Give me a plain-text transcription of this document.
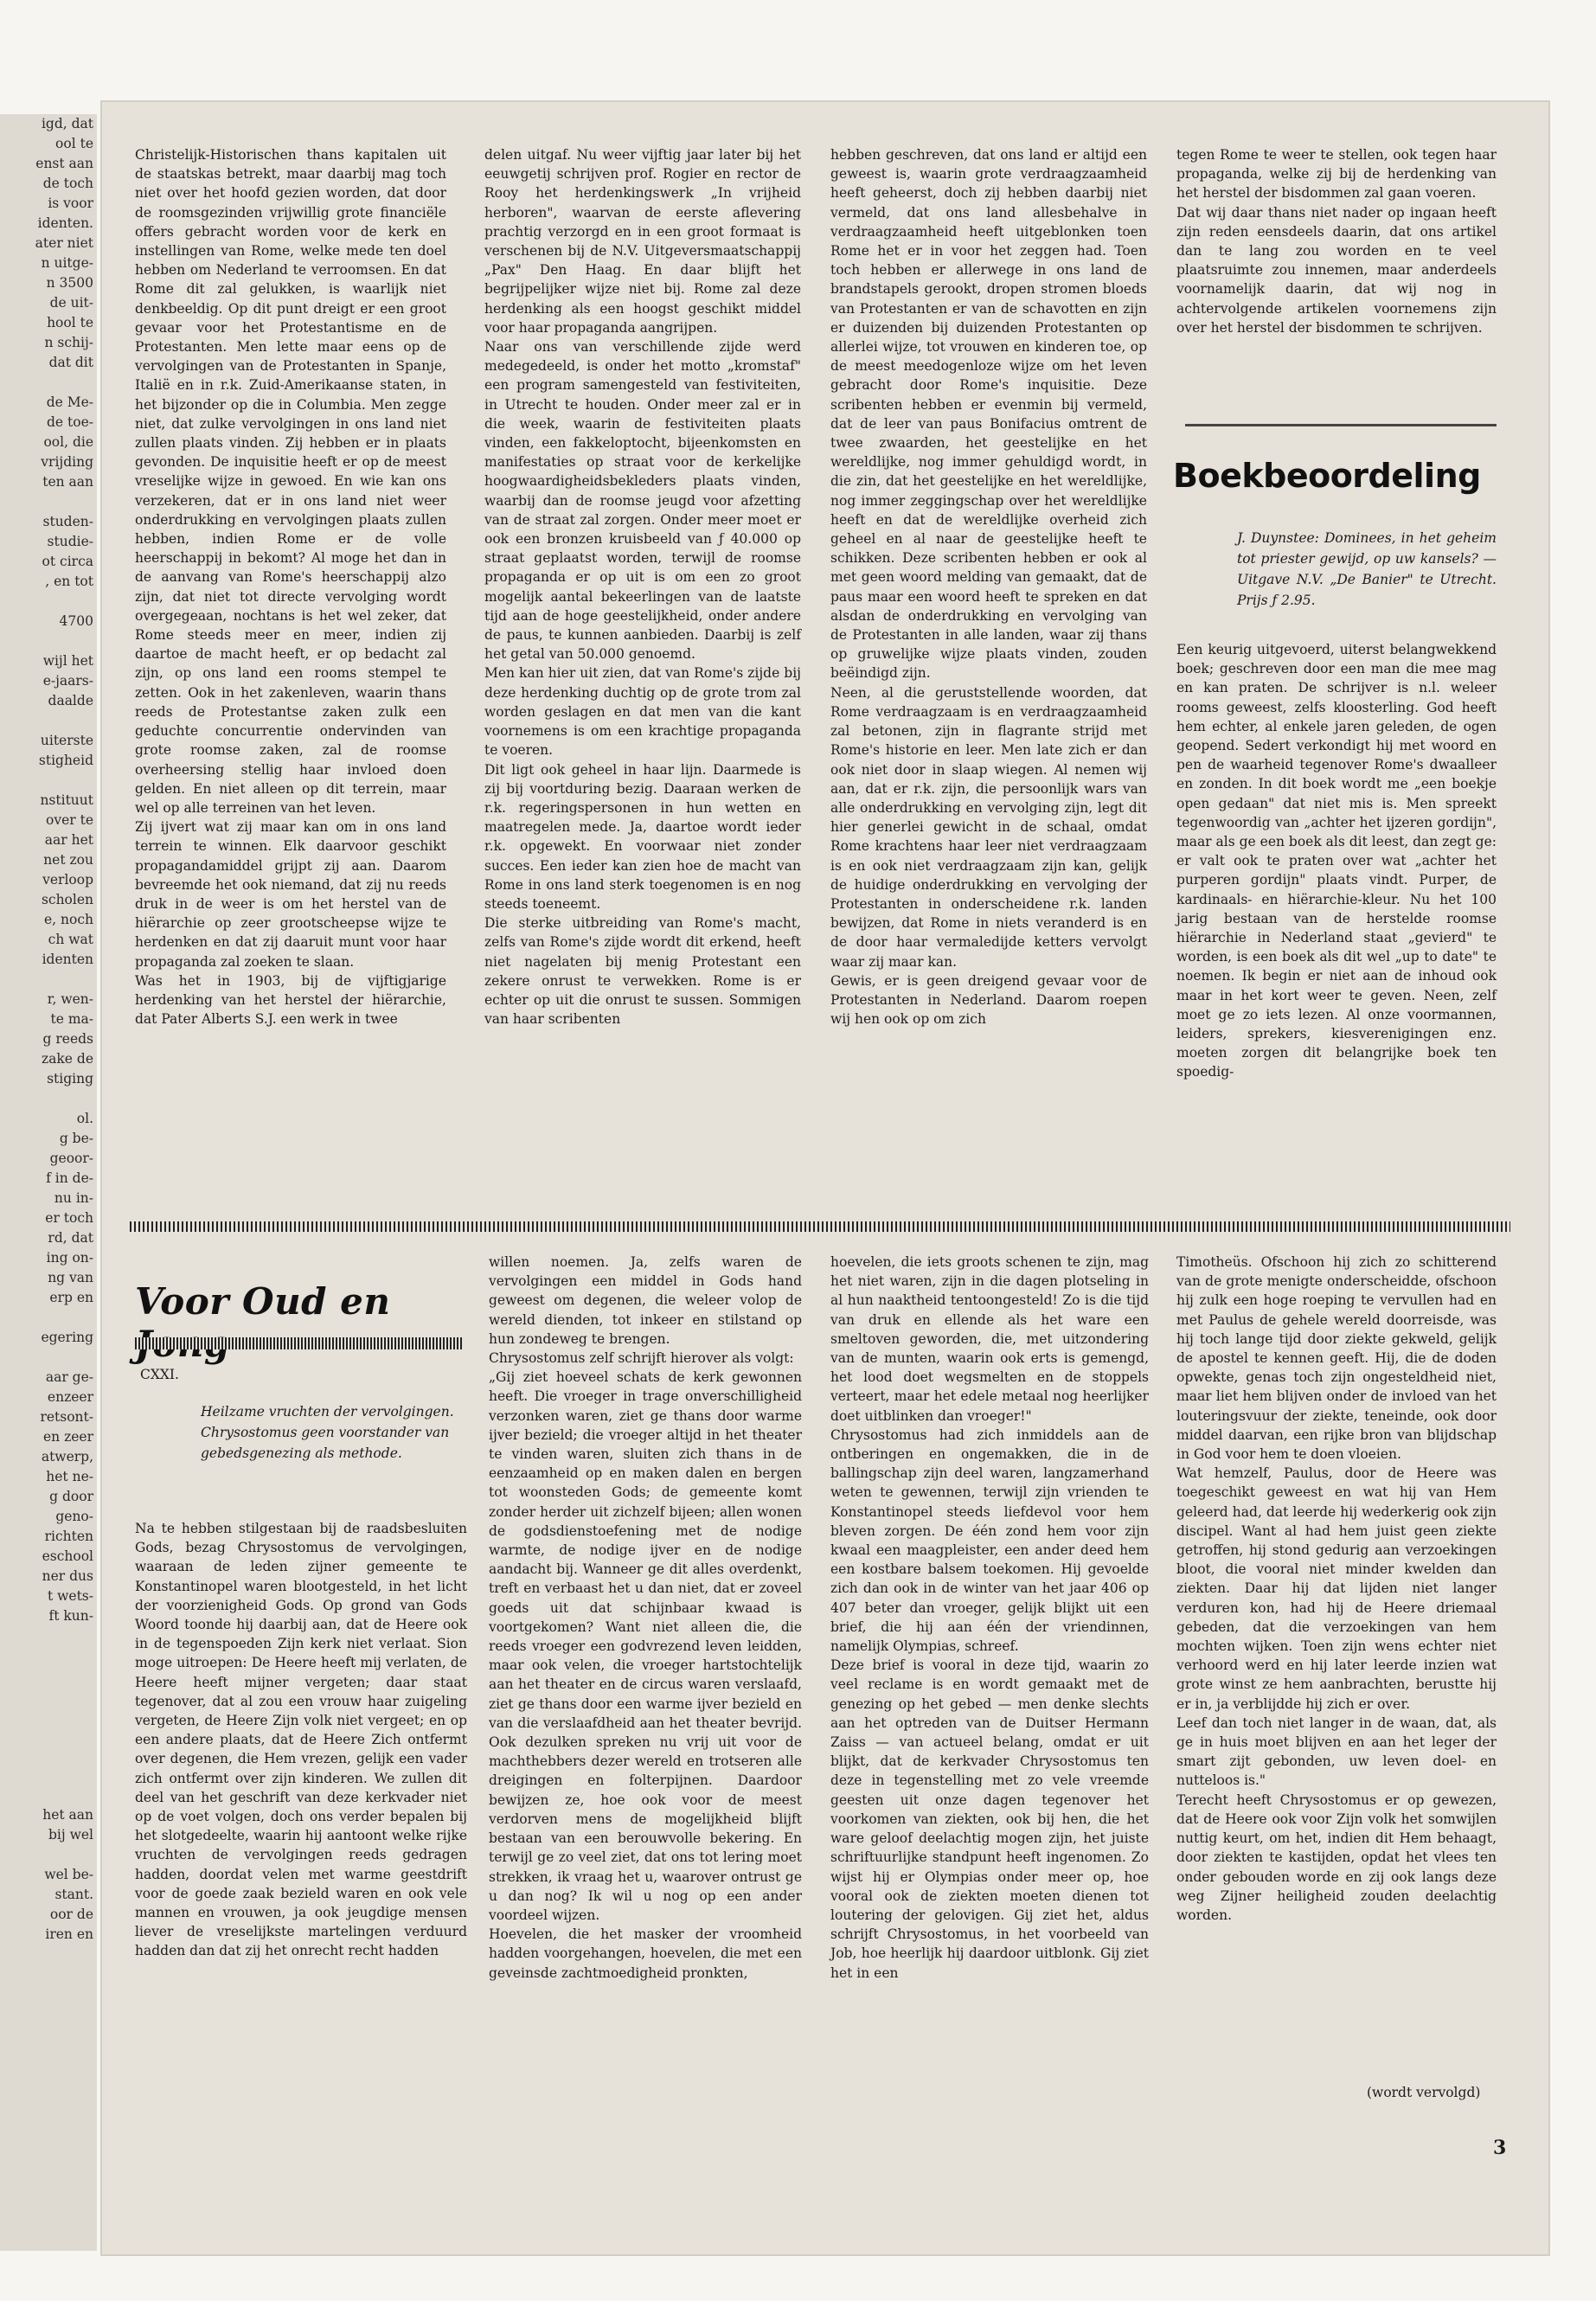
igd, dat
ool te
enst aan
de toch
is voor
identen.
ater niet
n uitge-
n 3500
de uit-
hool te
n schij-
dat dit

de Me-
de toe-
ool, die
vrijding
ten aan

studen-
studie-
ot circa
, en tot

4700

wijl het
e-jaars-
daalde

uiterste
stigheid

nstituut
over te
aar het
net zou
verloop
scholen
e, noch
ch wat
identen

r, wen-
te ma-
g reeds
zake de
stiging

ol.
g be-
geoor-
f in de-
nu in-
er toch
rd, dat
ing on-
ng van
erp en

egering

aar ge-
enzeer
retsont-
en zeer
atwerp,
het ne-
g door
geno-
richten
eschool
ner dus
t wets-
ft kun-

het aan
bij wel

wel be-
stant.
oor de
iren en

Christelijk-Historischen thans kapitalen uit de staatskas betrekt, maar daarbij mag toch niet over het hoofd gezien worden, dat door de roomsgezinden vrijwillig grote financiële offers gebracht worden voor de kerk en instellingen van Rome, welke mede ten doel hebben om Nederland te verroomsen. En dat Rome dit zal gelukken, is waarlijk niet denkbeeldig. Op dit punt dreigt er een groot gevaar voor het Protestantisme en de Protestanten. Men lette maar eens op de vervolgingen van de Protestanten in Spanje, Italië en in r.k. Zuid-Amerikaanse staten, in het bijzonder op die in Columbia. Men zegge niet, dat zulke vervolgingen in ons land niet zullen plaats vinden. Zij hebben er in plaats gevonden. De inquisitie heeft er op de meest vreselijke wijze in gewoed. En wie kan ons verzekeren, dat er in ons land niet weer onderdrukking en vervolgingen plaats zullen hebben, indien Rome er de volle heerschappij in bekomt? Al moge het dan in de aanvang van Rome's heerschappij alzo zijn, dat niet tot directe vervolging wordt overgegeaan, nochtans is het wel zeker, dat Rome steeds meer en meer, indien zij daartoe de macht heeft, er op bedacht zal zijn, op ons land een rooms stempel te zetten. Ook in het zakenleven, waarin thans reeds de Protestantse zaken zulk een geduchte concurrentie ondervinden van grote roomse zaken, zal de roomse overheersing stellig haar invloed doen gelden. En niet alleen op dit terrein, maar wel op alle terreinen van het leven.

Zij ijvert wat zij maar kan om in ons land terrein te winnen. Elk daarvoor geschikt propagandamiddel grijpt zij aan. Daarom bevreemde het ook niemand, dat zij nu reeds druk in de weer is om het herstel van de hiërarchie op zeer grootscheepse wijze te herdenken en dat zij daaruit munt voor haar propaganda zal zoeken te slaan.

Was het in 1903, bij de vijftigjarige herdenking van het herstel der hiërarchie, dat Pater Alberts S.J. een werk in twee

delen uitgaf. Nu weer vijftig jaar later bij het eeuwgetij schrijven prof. Rogier en rector de Rooy het herdenkingswerk „In vrijheid herboren", waarvan de eerste aflevering prachtig verzorgd en in een groot formaat is verschenen bij de N.V. Uitgeversmaatschappij „Pax" Den Haag. En daar blijft het begrijpelijker wijze niet bij. Rome zal deze herdenking als een hoogst geschikt middel voor haar propaganda aangrijpen.

Naar ons van verschillende zijde werd medegedeeld, is onder het motto „kromstaf" een program samengesteld van festiviteiten, in Utrecht te houden. Onder meer zal er in die week, waarin de festiviteiten plaats vinden, een fakkeloptocht, bijeenkomsten en manifestaties op straat voor de kerkelijke hoogwaardigheidsbekleders plaats vinden, waarbij dan de roomse jeugd voor afzetting van de straat zal zorgen. Onder meer moet er ook een bronzen kruisbeeld van ƒ 40.000 op straat geplaatst worden, terwijl de roomse propaganda er op uit is om een zo groot mogelijk aantal bekeerlingen van de laatste tijd aan de hoge geestelijkheid, onder andere de paus, te kunnen aanbieden. Daarbij is zelf het getal van 50.000 genoemd.

Men kan hier uit zien, dat van Rome's zijde bij deze herdenking duchtig op de grote trom zal worden geslagen en dat men van die kant voornemens is om een krachtige propaganda te voeren.

Dit ligt ook geheel in haar lijn. Daarmede is zij bij voortduring bezig. Daaraan werken de r.k. regeringspersonen in hun wetten en maatregelen mede. Ja, daartoe wordt ieder r.k. opgewekt. En voorwaar niet zonder succes. Een ieder kan zien hoe de macht van Rome in ons land sterk toegenomen is en nog steeds toeneemt.

Die sterke uitbreiding van Rome's macht, zelfs van Rome's zijde wordt dit erkend, heeft niet nagelaten bij menig Protestant een zekere onrust te verwekken. Rome is er echter op uit die onrust te sussen. Sommigen van haar scribenten

hebben geschreven, dat ons land er altijd een geweest is, waarin grote verdraagzaamheid heeft geheerst, doch zij hebben daarbij niet vermeld, dat ons land allesbehalve in verdraagzaamheid heeft uitgeblonken toen Rome het er in voor het zeggen had. Toen toch hebben er allerwege in ons land de brandstapels gerookt, dropen stromen bloeds van Protestanten er van de schavotten en zijn er duizenden bij duizenden Protestanten op allerlei wijze, tot vrouwen en kinderen toe, op de meest meedogenloze wijze om het leven gebracht door Rome's inquisitie. Deze scribenten hebben er evenmin bij vermeld, dat de leer van paus Bonifacius omtrent de twee zwaarden, het geestelijke en het wereldlijke, nog immer gehuldigd wordt, in die zin, dat het geestelijke en het wereldlijke, nog immer zeggingschap over het wereldlijke heeft en dat de wereldlijke overheid zich geheel en al naar de geestelijke heeft te schikken. Deze scribenten hebben er ook al met geen woord melding van gemaakt, dat de paus maar een woord heeft te spreken en dat alsdan de onderdrukking en vervolging van de Protestanten in alle landen, waar zij thans op gruwelijke wijze plaats vinden, zouden beëindigd zijn.

Neen, al die geruststellende woorden, dat Rome verdraagzaam is en verdraagzaamheid zal betonen, zijn in flagrante strijd met Rome's historie en leer. Men late zich er dan ook niet door in slaap wiegen. Al nemen wij aan, dat er r.k. zijn, die persoonlijk wars van alle onderdrukking en vervolging zijn, legt dit hier generlei gewicht in de schaal, omdat Rome krachtens haar leer niet verdraagzaam is en ook niet verdraagzaam zijn kan, gelijk de huidige onderdrukking en vervolging der Protestanten in onderscheidene r.k. landen bewijzen, dat Rome in niets veranderd is en de door haar vermaledijde ketters vervolgt waar zij maar kan.

Gewis, er is geen dreigend gevaar voor de Protestanten in Nederland. Daarom roepen wij hen ook op om zich

tegen Rome te weer te stellen, ook tegen haar propaganda, welke zij bij de herdenking van het herstel der bisdommen zal gaan voeren.

Dat wij daar thans niet nader op ingaan heeft zijn reden eensdeels daarin, dat ons artikel dan te lang zou worden en te veel plaatsruimte zou innemen, maar anderdeels voornamelijk daarin, dat wij nog in achtervolgende artikelen voornemens zijn over het herstel der bisdommen te schrijven.

Boekbeoordeling
J. Duynstee: Dominees, in het geheim tot priester gewijd, op uw kansels? —Uitgave N.V. „De Banier" te Utrecht. Prijs ƒ 2.95.

Een keurig uitgevoerd, uiterst belangwekkend boek; geschreven door een man die mee mag en kan praten. De schrijver is n.l. weleer rooms geweest, zelfs kloosterling. God heeft hem echter, al enkele jaren geleden, de ogen geopend. Sedert verkondigt hij met woord en pen de waarheid tegenover Rome's dwaalleer en zonden. In dit boek wordt me „een boekje open gedaan" dat niet mis is. Men spreekt tegenwoordig van „achter het ijzeren gordijn", maar als ge een boek als dit leest, dan zegt ge: er valt ook te praten over wat „achter het purperen gordijn" plaats vindt. Purper, de kardinaals- en hiërarchie-kleur. Nu het 100 jarig bestaan van de herstelde roomse hiërarchie in Nederland staat „gevierd" te worden, is een boek als dit wel „up to date" te noemen. Ik begin er niet aan de inhoud ook maar in het kort weer te geven. Neen, zelf moet ge zo iets lezen. Al onze voormannen, leiders, sprekers, kiesverenigingen enz. moeten zorgen dit belangrijke boek ten spoedig-

Voor Oud en
CXXI.
Heilzame vruchten der vervolgingen. Chrysostomus geen voorstander van gebedsgenezing als methode.

Na te hebben stilgestaan bij de raadsbesluiten Gods, bezag Chrysostomus de vervolgingen, waaraan de leden zijner gemeente te Konstantinopel waren blootgesteld, in het licht der voorzienigheid Gods. Op grond van Gods Woord toonde hij daarbij aan, dat de Heere ook in de tegenspoeden Zijn kerk niet verlaat. Sion moge uitroepen: De Heere heeft mij verlaten, de Heere heeft mijner vergeten; daar staat tegenover, dat al zou een vrouw haar zuigeling vergeten, de Heere Zijn volk niet vergeet; en op een andere plaats, dat de Heere Zich ontfermt over degenen, die Hem vrezen, gelijk een vader zich ontfermt over zijn kinderen. We zullen dit deel van het geschrift van deze kerkvader niet op de voet volgen, doch ons verder bepalen bij het slotgedeelte, waarin hij aantoont welke rijke vruchten de vervolgingen reeds gedragen hadden, doordat velen met warme geestdrift voor de goede zaak bezield waren en ook vele mannen en vrouwen, ja ook jeugdige mensen liever de vreselijkste martelingen verduurd hadden dan dat zij het onrecht recht hadden

willen noemen. Ja, zelfs waren de vervolgingen een middel in Gods hand geweest om degenen, die weleer volop de wereld dienden, tot inkeer en stilstand op hun zondeweg te brengen.

Chrysostomus zelf schrijft hierover als volgt:

„Gij ziet hoeveel schats de kerk gewonnen heeft. Die vroeger in trage onverschilligheid verzonken waren, ziet ge thans door warme ijver bezield; die vroeger altijd in het theater te vinden waren, sluiten zich thans in de eenzaamheid op en maken dalen en bergen tot woonsteden Gods; de gemeente komt zonder herder uit zichzelf bijeen; allen wonen de godsdienstoefening met de nodige warmte, de nodige ijver en de nodige aandacht bij. Wanneer ge dit alles overdenkt, treft en verbaast het u dan niet, dat er zoveel goeds uit dat schijnbaar kwaad is voortgekomen? Want niet alleen die, die reeds vroeger een godvrezend leven leidden, maar ook velen, die vroeger hartstochtelijk aan het theater en de circus waren verslaafd, ziet ge thans door een warme ijver bezield en van die verslaafdheid aan het theater bevrijd. Ook dezulken spreken nu vrij uit voor de machthebbers dezer wereld en trotseren alle dreigingen en folterpijnen. Daardoor bewijzen ze, hoe ook voor de meest verdorven mens de mogelijkheid blijft bestaan van een berouwvolle bekering. En terwijl ge zo veel ziet, dat ons tot lering moet strekken, ik vraag het u, waarover ontrust ge u dan nog? Ik wil u nog op een ander voordeel wijzen.

Hoevelen, die het masker der vroomheid hadden voorgehangen, hoevelen, die met een geveinsde zachtmoedigheid pronkten,

hoevelen, die iets groots schenen te zijn, mag het niet waren, zijn in die dagen plotseling in al hun naaktheid tentoongesteld! Zo is die tijd van druk en ellende als het ware een smeltoven geworden, die, met uitzondering van de munten, waarin ook erts is gemengd, het lood doet wegsmelten en de stoppels verteert, maar het edele metaal nog heerlijker doet uitblinken dan vroeger!"

Chrysostomus had zich inmiddels aan de ontberingen en ongemakken, die in de ballingschap zijn deel waren, langzamerhand weten te gewennen, terwijl zijn vrienden te Konstantinopel steeds liefdevol voor hem bleven zorgen. De één zond hem voor zijn kwaal een maagpleister, een ander deed hem een kostbare balsem toekomen. Hij gevoelde zich dan ook in de winter van het jaar 406 op 407 beter dan vroeger, gelijk blijkt uit een brief, die hij aan één der vriendinnen, namelijk Olympias, schreef.

Deze brief is vooral in deze tijd, waarin zo veel reclame is en wordt gemaakt met de genezing op het gebed — men denke slechts aan het optreden van de Duitser Hermann Zaiss — van actueel belang, omdat er uit blijkt, dat de kerkvader Chrysostomus ten deze in tegenstelling met zo vele vreemde geesten uit onze dagen tegenover het voorkomen van ziekten, ook bij hen, die het ware geloof deelachtig mogen zijn, het juiste schriftuurlijke standpunt heeft ingenomen. Zo wijst hij er Olympias onder meer op, hoe vooral ook de ziekten moeten dienen tot loutering der gelovigen. Gij ziet het, aldus schrijft Chrysostomus, in het voorbeeld van Job, hoe heerlijk hij daardoor uitblonk. Gij ziet het in een

Timotheüs. Ofschoon hij zich zo schitterend van de grote menigte onderscheidde, ofschoon hij zulk een hoge roeping te vervullen had en met Paulus de gehele wereld doorreisde, was hij toch lange tijd door ziekte gekweld, gelijk de apostel te kennen geeft. Hij, die de doden opwekte, genas toch zijn ongesteldheid niet, maar liet hem blijven onder de invloed van het louteringsvuur der ziekte, teneinde, ook door middel daarvan, een rijke bron van blijdschap in God voor hem te doen vloeien.

Wat hemzelf, Paulus, door de Heere was toegeschikt geweest en wat hij van Hem geleerd had, dat leerde hij wederkerig ook zijn discipel. Want al had hem juist geen ziekte getroffen, hij stond gedurig aan verzoekingen bloot, die vooral niet minder kwelden dan ziekten. Daar hij dat lijden niet langer verduren kon, had hij de Heere driemaal gebeden, dat die verzoekingen van hem mochten wijken. Toen zijn wens echter niet verhoord werd en hij later leerde inzien wat grote winst ze hem aanbrachten, berustte hij er in, ja verblijdde hij zich er over.

Leef dan toch niet langer in de waan, dat, als ge in huis moet blijven en aan het leger der smart zijt gebonden, uw leven doel- en nutteloos is."

Terecht heeft Chrysostomus er op gewezen, dat de Heere ook voor Zijn volk het somwijlen nuttig keurt, om het, indien dit Hem behaagt, door ziekten te kastijden, opdat het vlees ten onder gebouden worde en zij ook langs deze weg Zijner heiligheid zouden deelachtig worden.

(wordt vervolgd)
3
